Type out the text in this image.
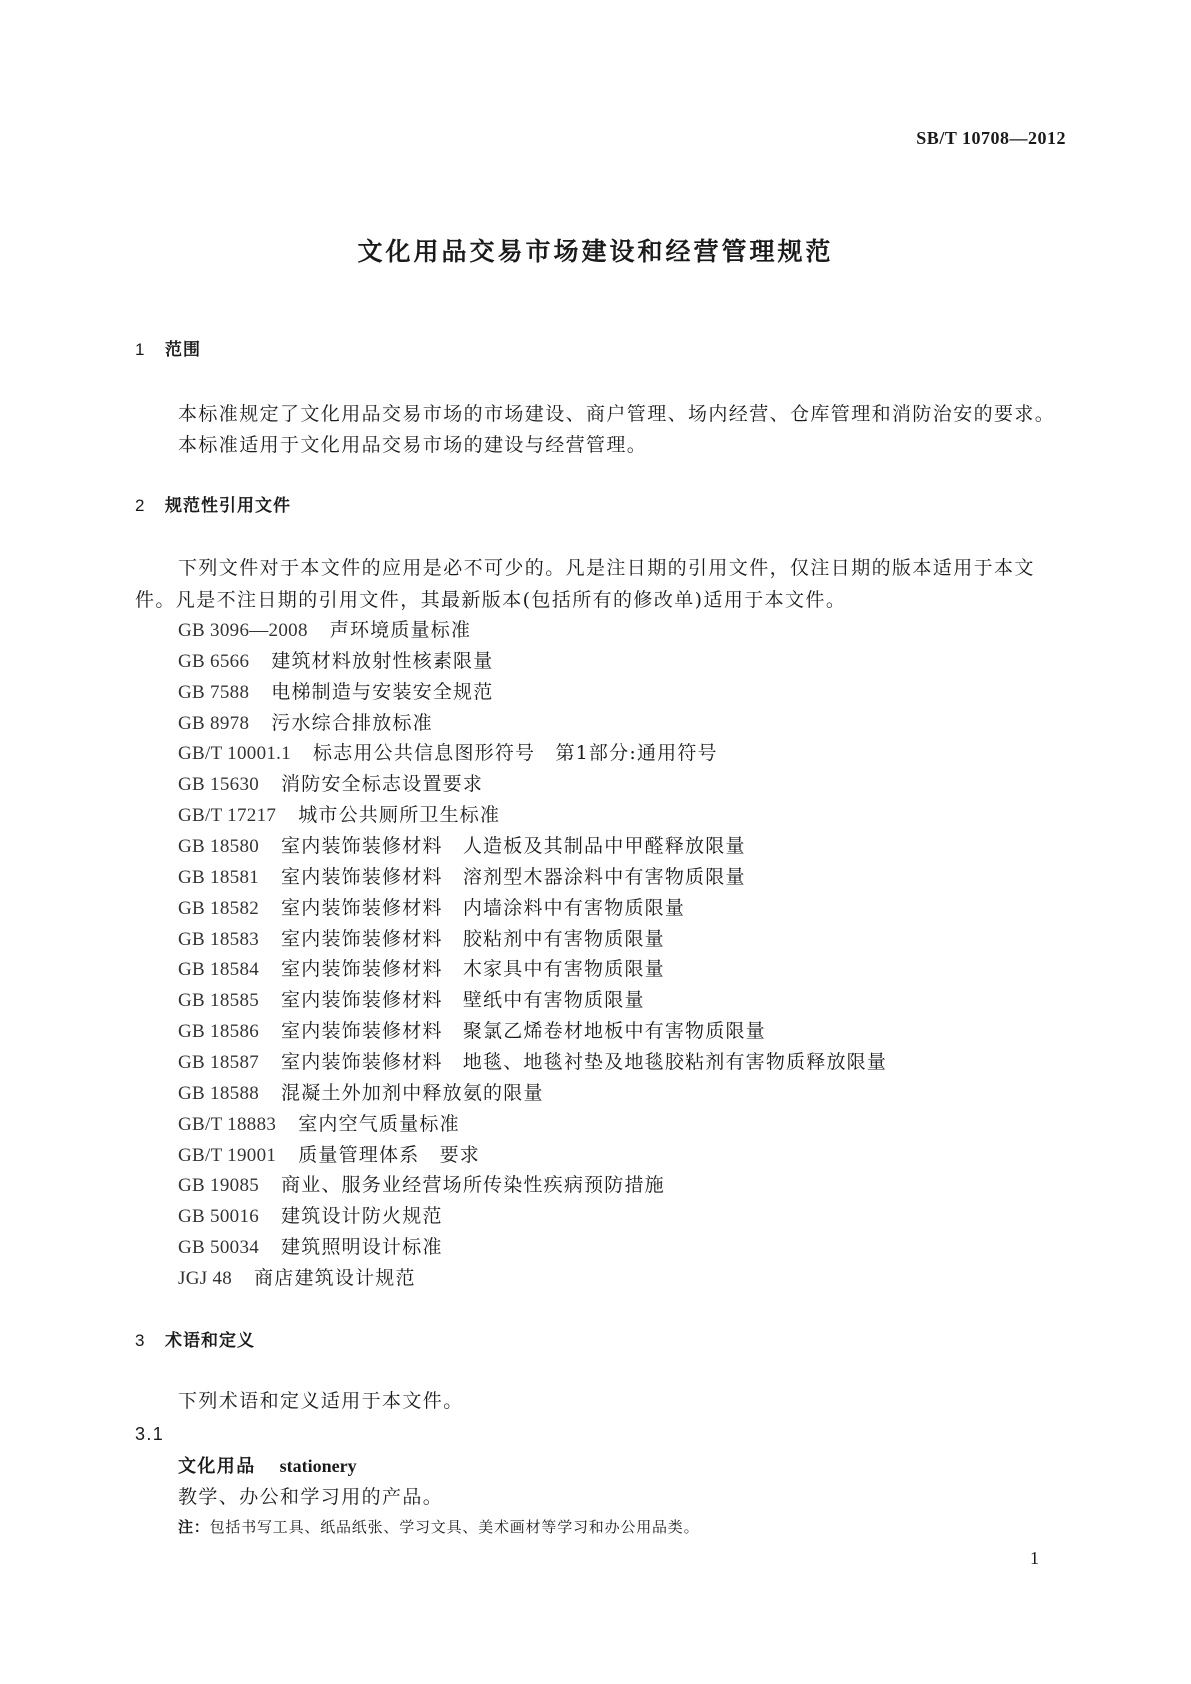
SB/T 10708—2012
文化用品交易市场建设和经营管理规范
1 范围
本标准规定了文化用品交易市场的市场建设、商户管理、场内经营、仓库管理和消防治安的要求。
本标准适用于文化用品交易市场的建设与经营管理。
2 规范性引用文件
下列文件对于本文件的应用是必不可少的。凡是注日期的引用文件，仅注日期的版本适用于本文
件。凡是不注日期的引用文件，其最新版本(包括所有的修改单)适用于本文件。
GB 3096—2008 声环境质量标准
GB 6566 建筑材料放射性核素限量
GB 7588 电梯制造与安装安全规范
GB 8978 污水综合排放标准
GB/T 10001.1 标志用公共信息图形符号　第1部分:通用符号
GB 15630 消防安全标志设置要求
GB/T 17217 城市公共厕所卫生标准
GB 18580 室内装饰装修材料　人造板及其制品中甲醛释放限量
GB 18581 室内装饰装修材料　溶剂型木器涂料中有害物质限量
GB 18582 室内装饰装修材料　内墙涂料中有害物质限量
GB 18583 室内装饰装修材料　胶粘剂中有害物质限量
GB 18584 室内装饰装修材料　木家具中有害物质限量
GB 18585 室内装饰装修材料　壁纸中有害物质限量
GB 18586 室内装饰装修材料　聚氯乙烯卷材地板中有害物质限量
GB 18587 室内装饰装修材料　地毯、地毯衬垫及地毯胶粘剂有害物质释放限量
GB 18588 混凝土外加剂中释放氨的限量
GB/T 18883 室内空气质量标准
GB/T 19001 质量管理体系　要求
GB 19085 商业、服务业经营场所传染性疾病预防措施
GB 50016 建筑设计防火规范
GB 50034 建筑照明设计标准
JGJ 48 商店建筑设计规范
3 术语和定义
下列术语和定义适用于本文件。
3.1
文化用品 stationery
教学、办公和学习用的产品。
注：包括书写工具、纸品纸张、学习文具、美术画材等学习和办公用品类。
1
